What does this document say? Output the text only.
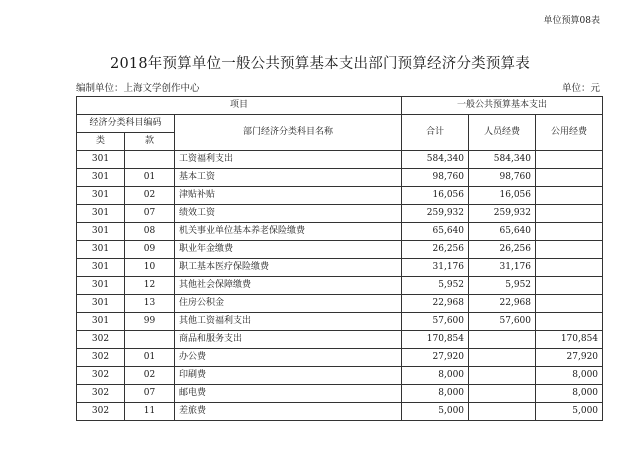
单位预算08表
2018年预算单位一般公共预算基本支出部门预算经济分类预算表
编制单位：上海文学创作中心	单位：元
项目			一般公共预算基本支出		
经济分类科目编码		部门经济分类科目名称	合计	人员经费	公用经费
类	款				
301		工资福利支出	584,340	584,340	
301	01	基本工资	98,760	98,760	
301	02	津贴补贴	16,056	16,056	
301	07	绩效工资	259,932	259,932	
301	08	机关事业单位基本养老保险缴费	65,640	65,640	
301	09	职业年金缴费	26,256	26,256	
301	10	职工基本医疗保险缴费	31,176	31,176	
301	12	其他社会保障缴费	5,952	5,952	
301	13	住房公积金	22,968	22,968	
301	99	其他工资福利支出	57,600	57,600	
302		商品和服务支出	170,854		170,854
302	01	办公费	27,920		27,920
302	02	印刷费	8,000		8,000
302	07	邮电费	8,000		8,000
302	11	差旅费	5,000		5,000
